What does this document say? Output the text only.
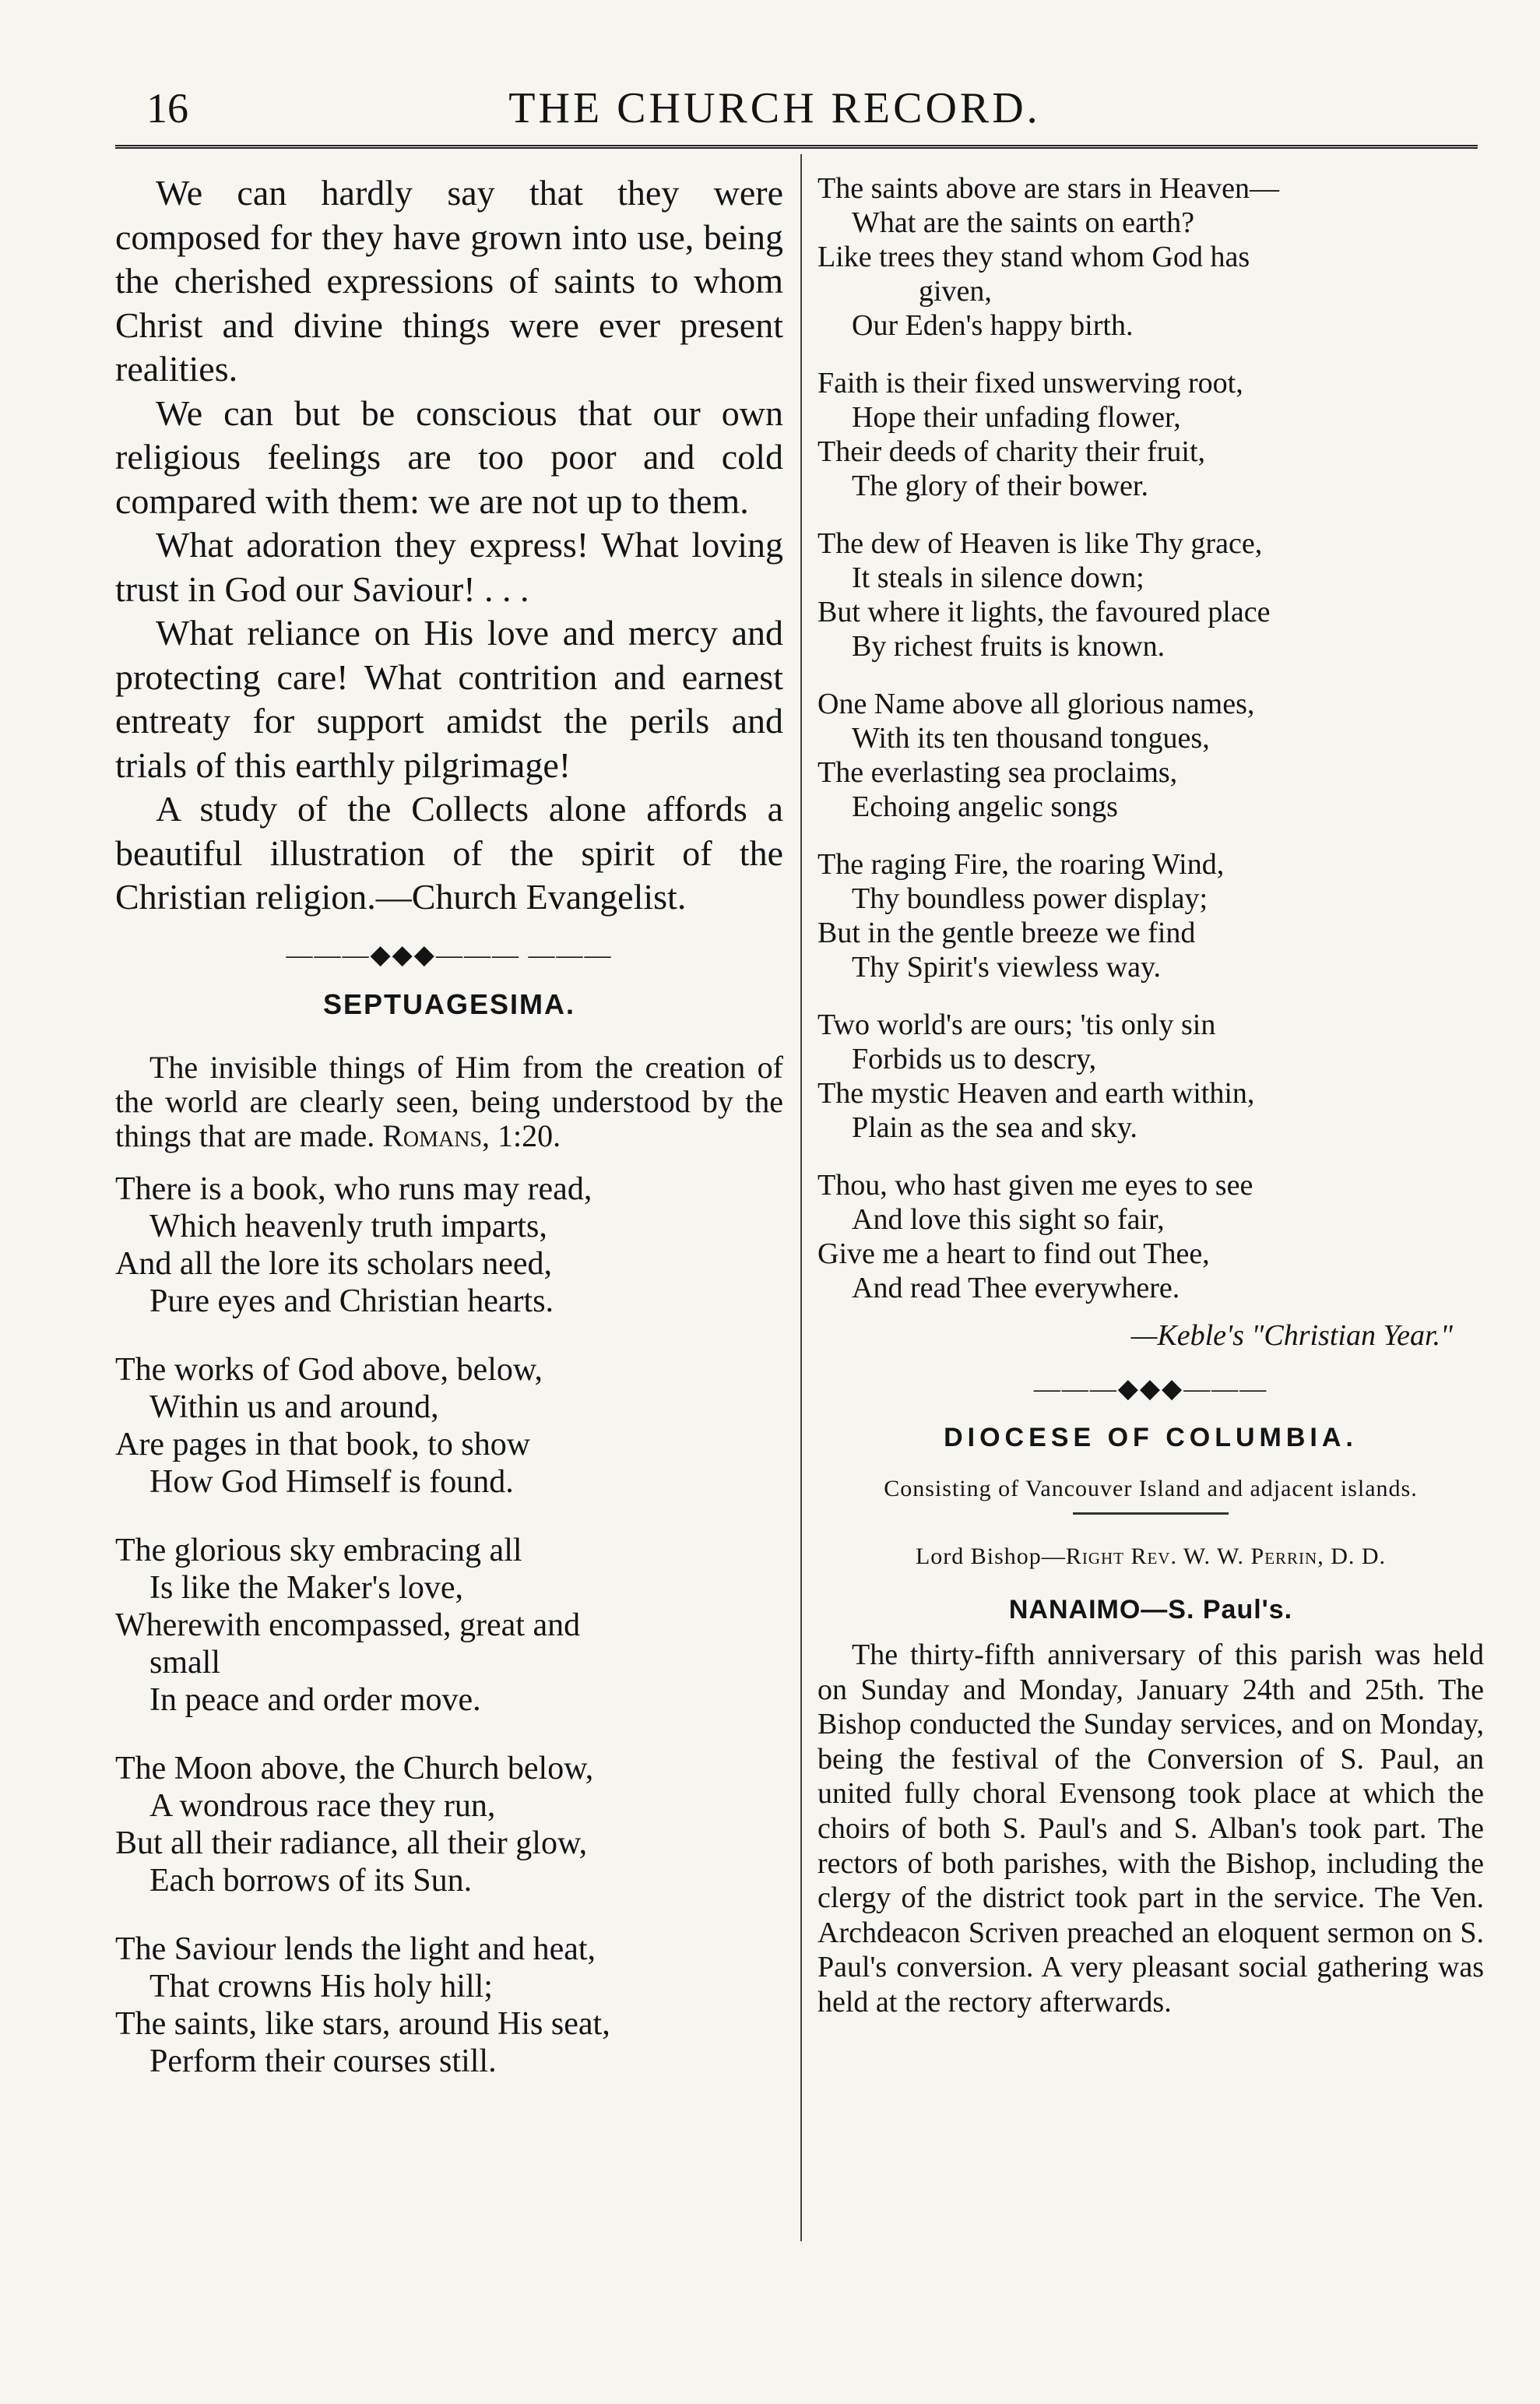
16	THE CHURCH RECORD.

We can hardly say that they were composed for they have grown into use, being the cherished expressions of saints to whom Christ and divine things were ever present realities.

We can but be conscious that our own religious feelings are too poor and cold compared with them: we are not up to them.

What adoration they express! What loving trust in God our Saviour! . . .

What reliance on His love and mercy and protecting care! What contrition and earnest entreaty for support amidst the perils and trials of this earthly pilgrimage!

A study of the Collects alone affords a beautiful illustration of the spirit of the Christian religion.—Church Evangelist.

———◆◆◆——— ———
SEPTUAGESIMA.

The invisible things of Him from the creation of the world are clearly seen, being understood by the things that are made. Romans, 1:20.

There is a book, who runs may read,
Which heavenly truth imparts,
And all the lore its scholars need,
Pure eyes and Christian hearts.
The works of God above, below,
Within us and around,
Are pages in that book, to show
How God Himself is found.
The glorious sky embracing all
Is like the Maker's love,
Wherewith encompassed, great and
small
In peace and order move.
The Moon above, the Church below,
A wondrous race they run,
But all their radiance, all their glow,
Each borrows of its Sun.
The Saviour lends the light and heat,
That crowns His holy hill;
The saints, like stars, around His seat,
Perform their courses still.
The saints above are stars in Heaven—
What are the saints on earth?
Like trees they stand whom God has
given,
Our Eden's happy birth.
Faith is their fixed unswerving root,
Hope their unfading flower,
Their deeds of charity their fruit,
The glory of their bower.
The dew of Heaven is like Thy grace,
It steals in silence down;
But where it lights, the favoured place
By richest fruits is known.
One Name above all glorious names,
With its ten thousand tongues,
The everlasting sea proclaims,
Echoing angelic songs
The raging Fire, the roaring Wind,
Thy boundless power display;
But in the gentle breeze we find
Thy Spirit's viewless way.
Two world's are ours; 'tis only sin
Forbids us to descry,
The mystic Heaven and earth within,
Plain as the sea and sky.
Thou, who hast given me eyes to see
And love this sight so fair,
Give me a heart to find out Thee,
And read Thee everywhere.
—Keble's "Christian Year."
———◆◆◆———
DIOCESE OF COLUMBIA.
Consisting of Vancouver Island and adjacent islands.
Lord Bishop—Right Rev. W. W. Perrin, D. D.
NANAIMO—S. Paul's.

The thirty-fifth anniversary of this parish was held on Sunday and Monday, January 24th and 25th. The Bishop conducted the Sunday services, and on Monday, being the festival of the Conversion of S. Paul, an united fully choral Evensong took place at which the choirs of both S. Paul's and S. Alban's took part. The rectors of both parishes, with the Bishop, including the clergy of the district took part in the service. The Ven. Archdeacon Scriven preached an eloquent sermon on S. Paul's conversion. A very pleasant social gathering was held at the rectory afterwards.
